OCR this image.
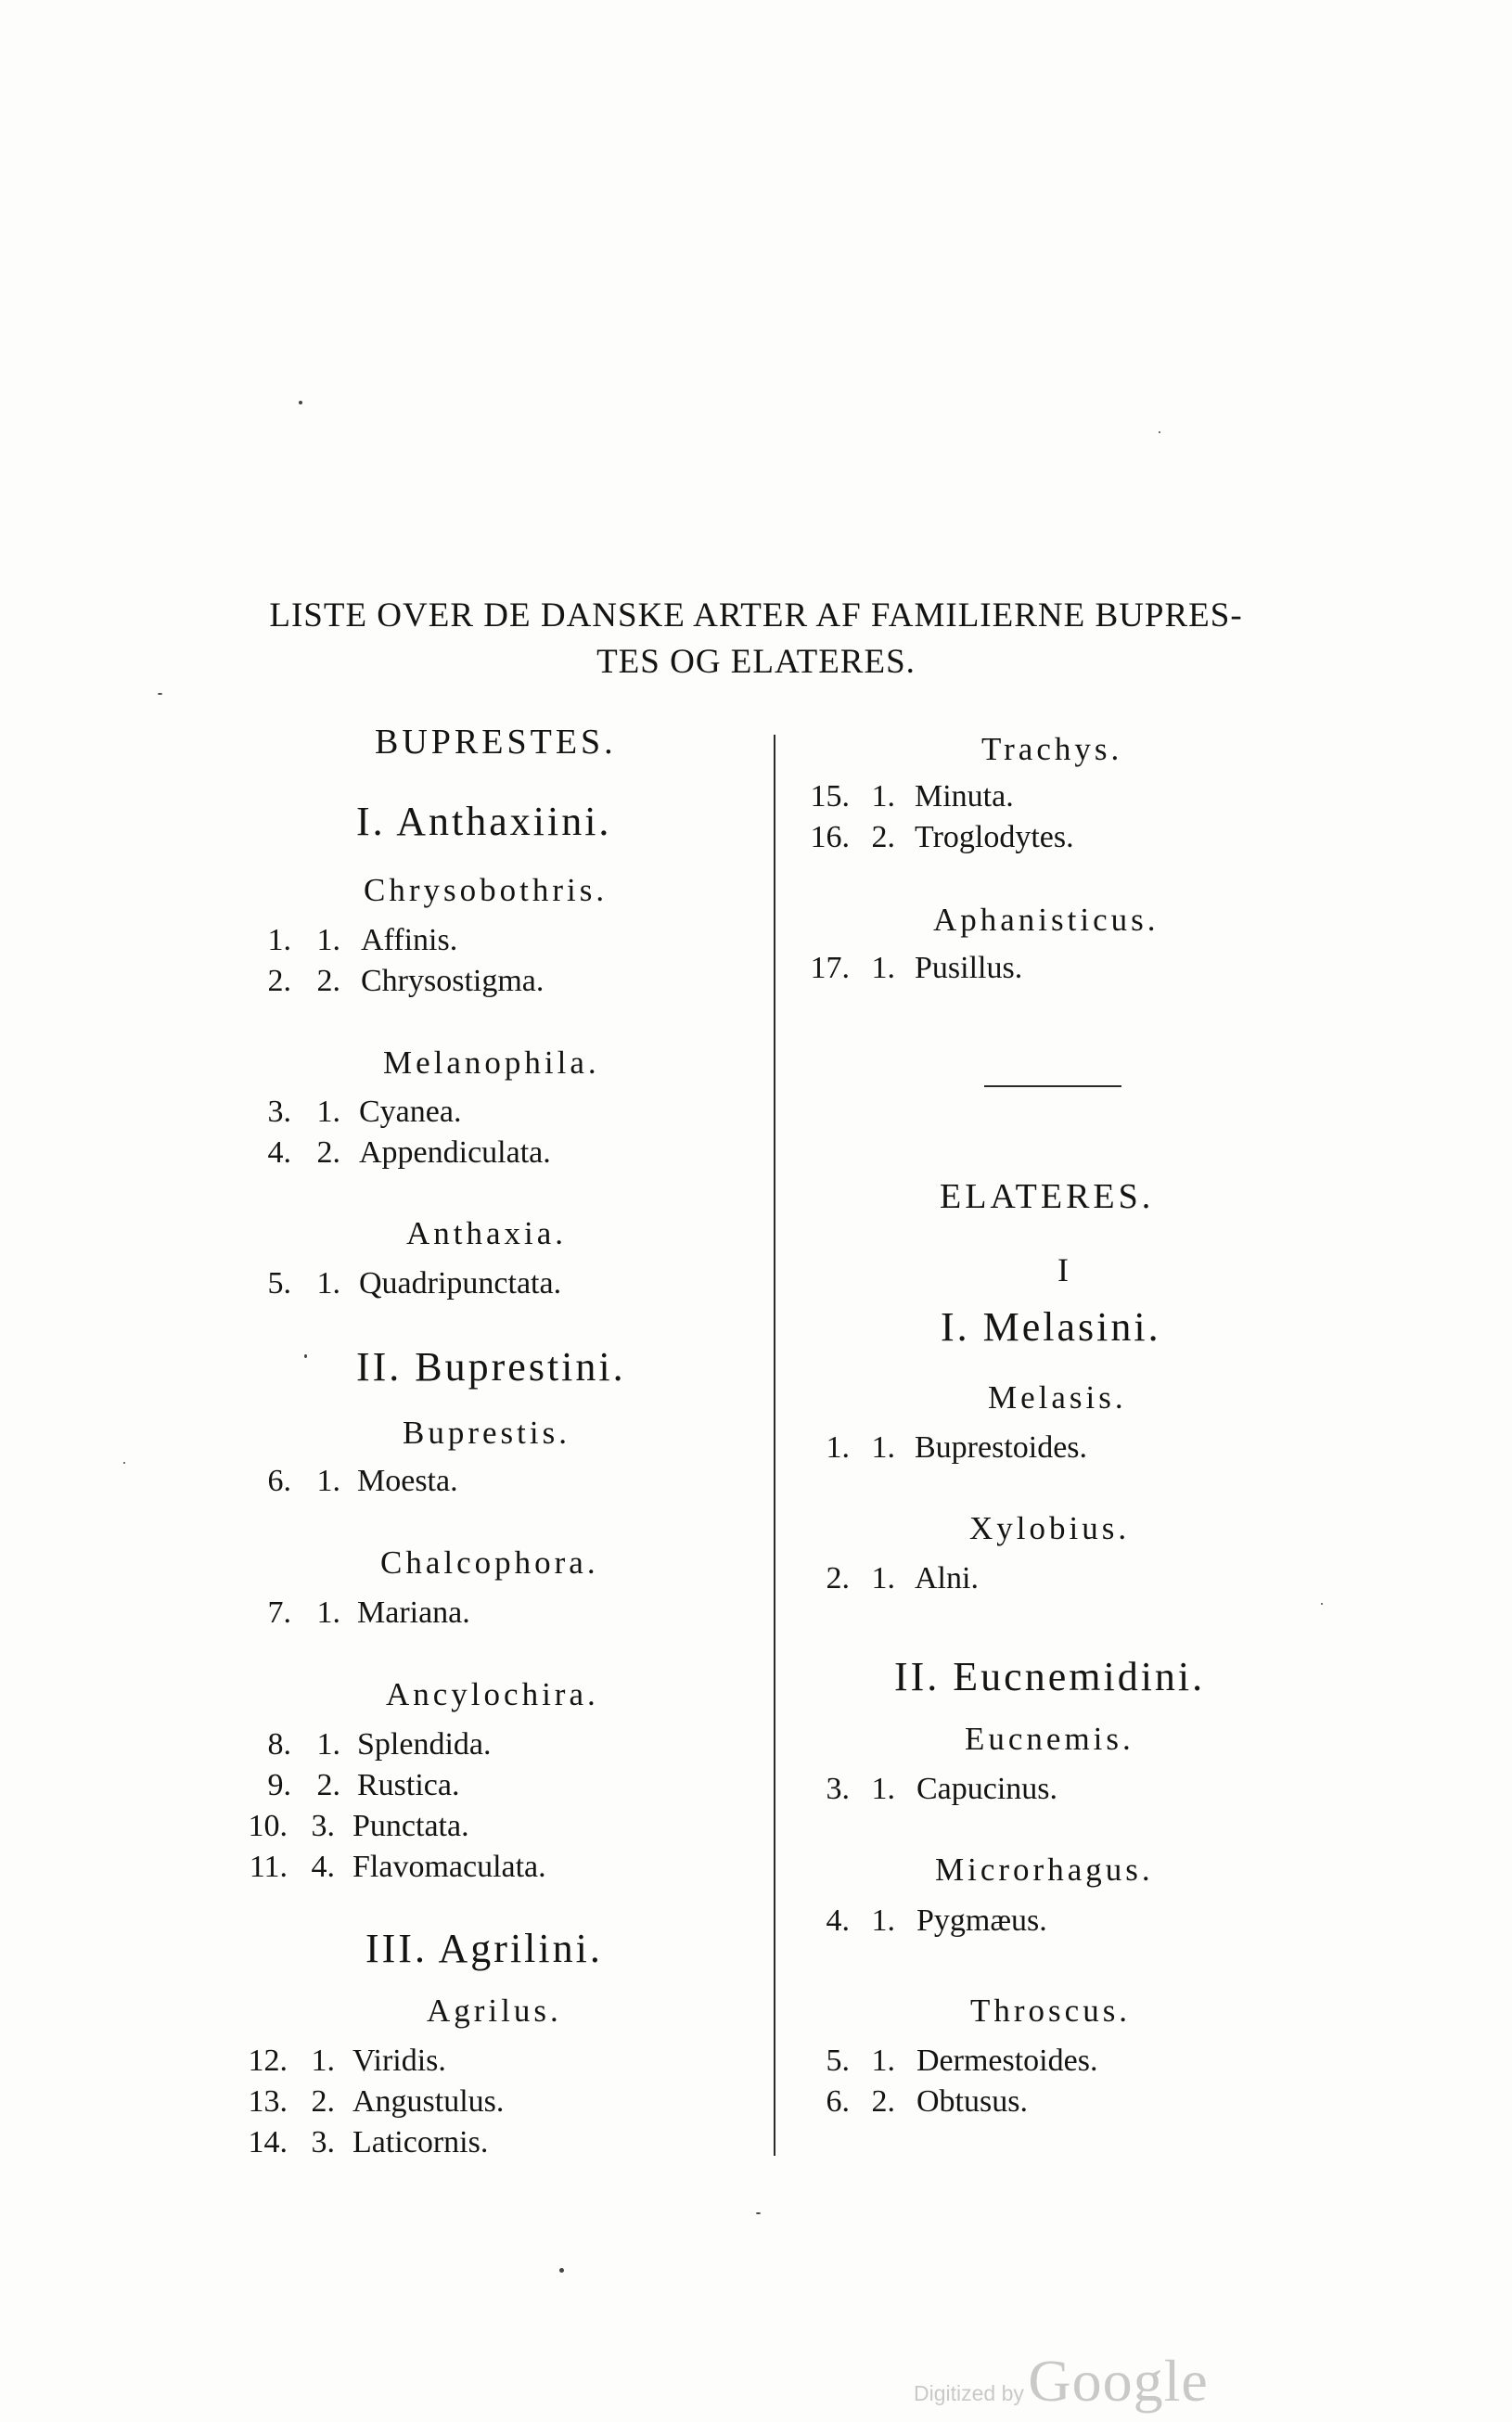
LISTE OVER DE DANSKE ARTER AF FAMILIERNE BUPRES-
TES OG ELATERES.
BUPRESTES.
I. Anthaxiini.
Chrysobothris.
1. 1. Affinis.
2. 2. Chrysostigma.
Melanophila.
3. 1. Cyanea.
4. 2. Appendiculata.
Anthaxia.
5. 1. Quadripunctata.
II. Buprestini.
Buprestis.
6. 1. Moesta.
Chalcophora.
7. 1. Mariana.
Ancylochira.
8. 1. Splendida.
9. 2. Rustica.
10. 3. Punctata.
11. 4. Flavomaculata.
III. Agrilini.
Agrilus.
12. 1. Viridis.
13. 2. Angustulus.
14. 3. Laticornis.
Trachys.
15. 1. Minuta.
16. 2. Troglodytes.
Aphanisticus.
17. 1. Pusillus.
ELATERES.
I
I. Melasini.
Melasis.
1. 1. Buprestoides.
Xylobius.
2. 1. Alni.
II. Eucnemidini.
Eucnemis.
3. 1. Capucinus.
Microrhagus.
4. 1. Pygmæus.
Throscus.
5. 1. Dermestoides.
6. 2. Obtusus.
Digitized by Google
